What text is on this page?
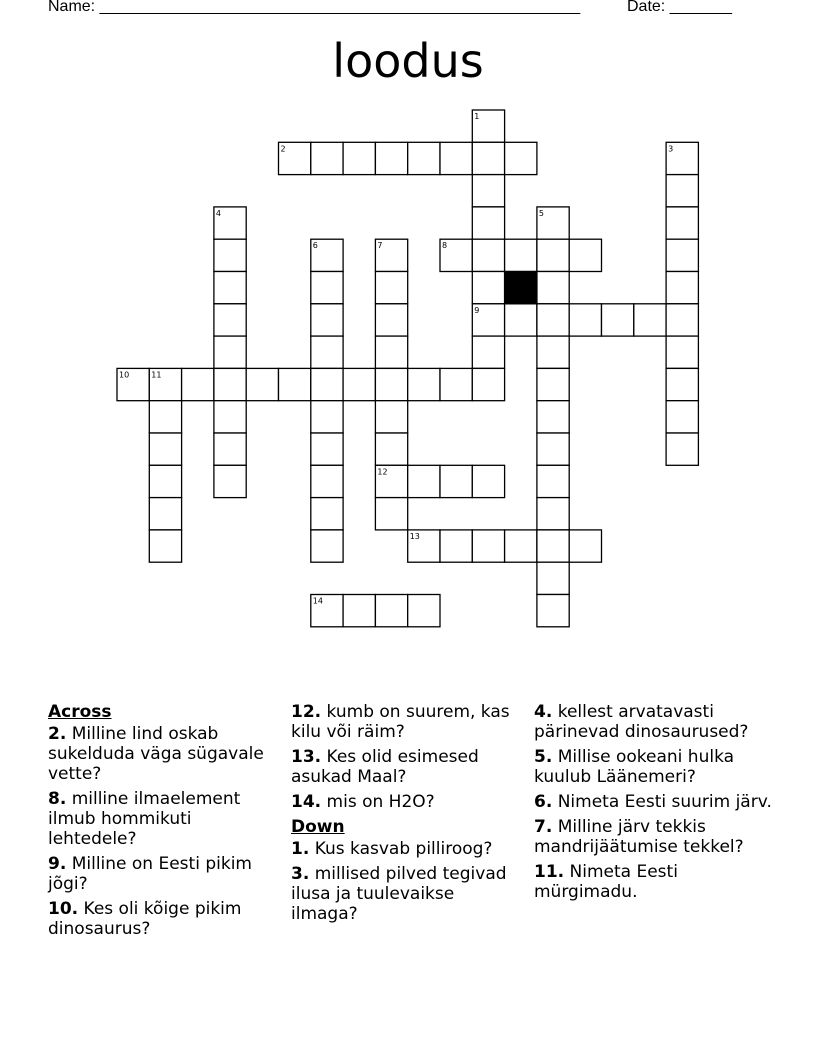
Name: ______________________________________________________	Date: _______
loodus
1
2	3
4	5
6	7	8
9
10	11
12
13
14
Across
2. Milline lind oskab sukelduda väga sügavale vette?
8. milline ilmaelement ilmub hommikuti lehtedele?
9. Milline on Eesti pikim jõgi?
10. Kes oli kõige pikim dinosaurus?
12. kumb on suurem, kas kilu või räim?
13. Kes olid esimesed asukad Maal?
14. mis on H2O?
Down
1. Kus kasvab pilliroog?
3. millised pilved tegivad ilusa ja tuulevaikse ilmaga?
4. kellest arvatavasti pärinevad dinosaurused?
5. Millise ookeani hulka kuulub Läänemeri?
6. Nimeta Eesti suurim järv.
7. Milline järv tekkis mandrijäätumise tekkel?
11. Nimeta Eesti mürgimadu.
